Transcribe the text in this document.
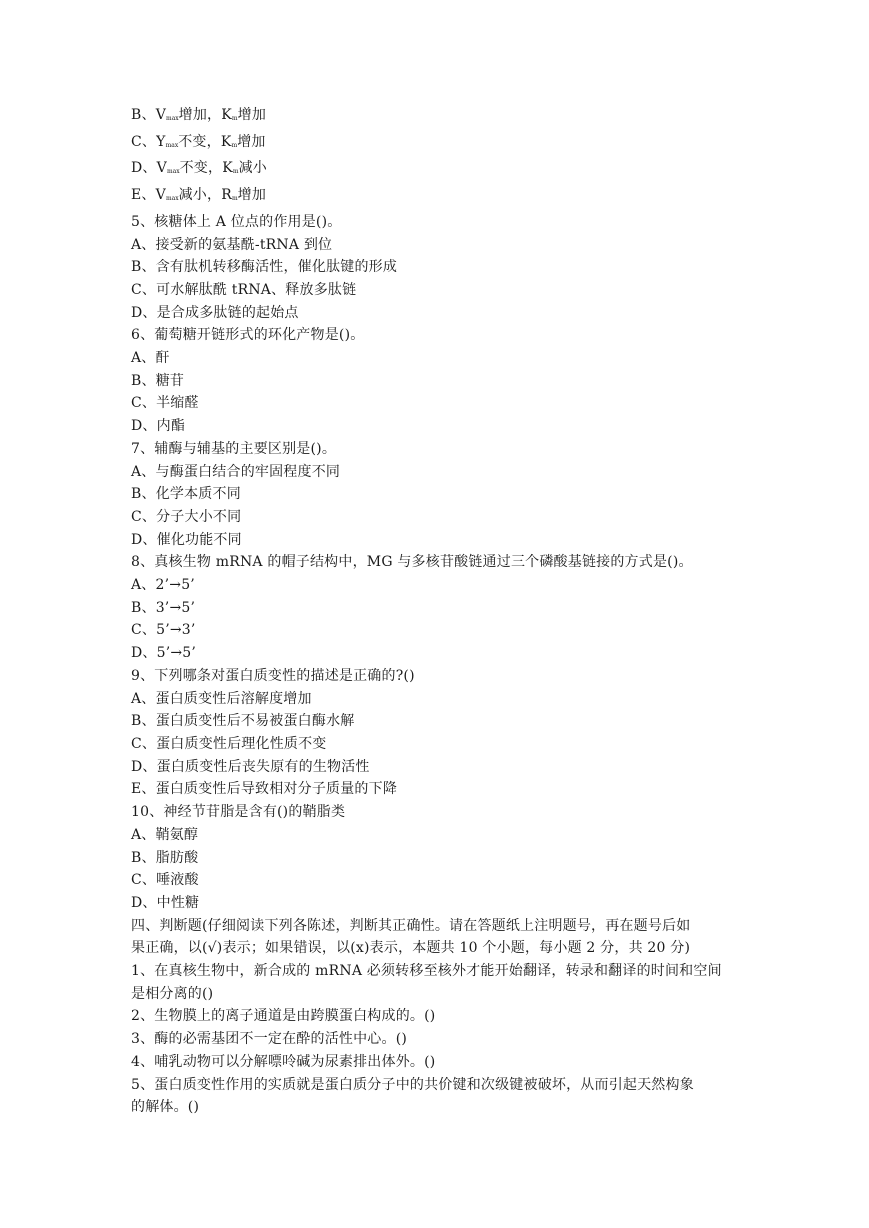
B、$V_{max}$增加，$K_m$增加

C、$Y_{max}$不变，$K_m$增加

D、$V_{max}$不变，$K_m$减小

E、$V_{max}$减小，$R_m$增加

5、核糖体上 A 位点的作用是()。

A、接受新的氨基酰-tRNA 到位

B、含有肽机转移酶活性，催化肽键的形成

C、可水解肽酰 tRNA、释放多肽链

D、是合成多肽链的起始点

6、葡萄糖开链形式的环化产物是()。

A、酐

B、糖苷

C、半缩醛

D、内酯

7、辅酶与辅基的主要区别是()。

A、与酶蛋白结合的牢固程度不同

B、化学本质不同

C、分子大小不同

D、催化功能不同

8、真核生物 mRNA 的帽子结构中，MG 与多核苷酸链通过三个磷酸基链接的方式是()。

A、2’→5’

B、3’→5’

C、5’→3’

D、5’→5’

9、下列哪条对蛋白质变性的描述是正确的?()

A、蛋白质变性后溶解度增加

B、蛋白质变性后不易被蛋白酶水解

C、蛋白质变性后理化性质不变

D、蛋白质变性后丧失原有的生物活性

E、蛋白质变性后导致相对分子质量的下降

10、神经节苷脂是含有()的鞘脂类

A、鞘氨醇

B、脂肪酸

C、唾液酸

D、中性糖

四、判断题(仔细阅读下列各陈述，判断其正确性。请在答题纸上注明题号，再在题号后如

果正确，以(√)表示；如果错误，以(x)表示，本题共 10 个小题，每小题 2 分，共 20 分)

1、在真核生物中，新合成的 mRNA 必须转移至核外才能开始翻译，转录和翻译的时间和空间

是相分离的()

2、生物膜上的离子通道是由跨膜蛋白构成的。()

3、酶的必需基团不一定在酔的活性中心。()

4、哺乳动物可以分解嘌呤碱为尿素排出体外。()

5、蛋白质变性作用的实质就是蛋白质分子中的共价键和次级键被破坏，从而引起天然构象

的解体。()
